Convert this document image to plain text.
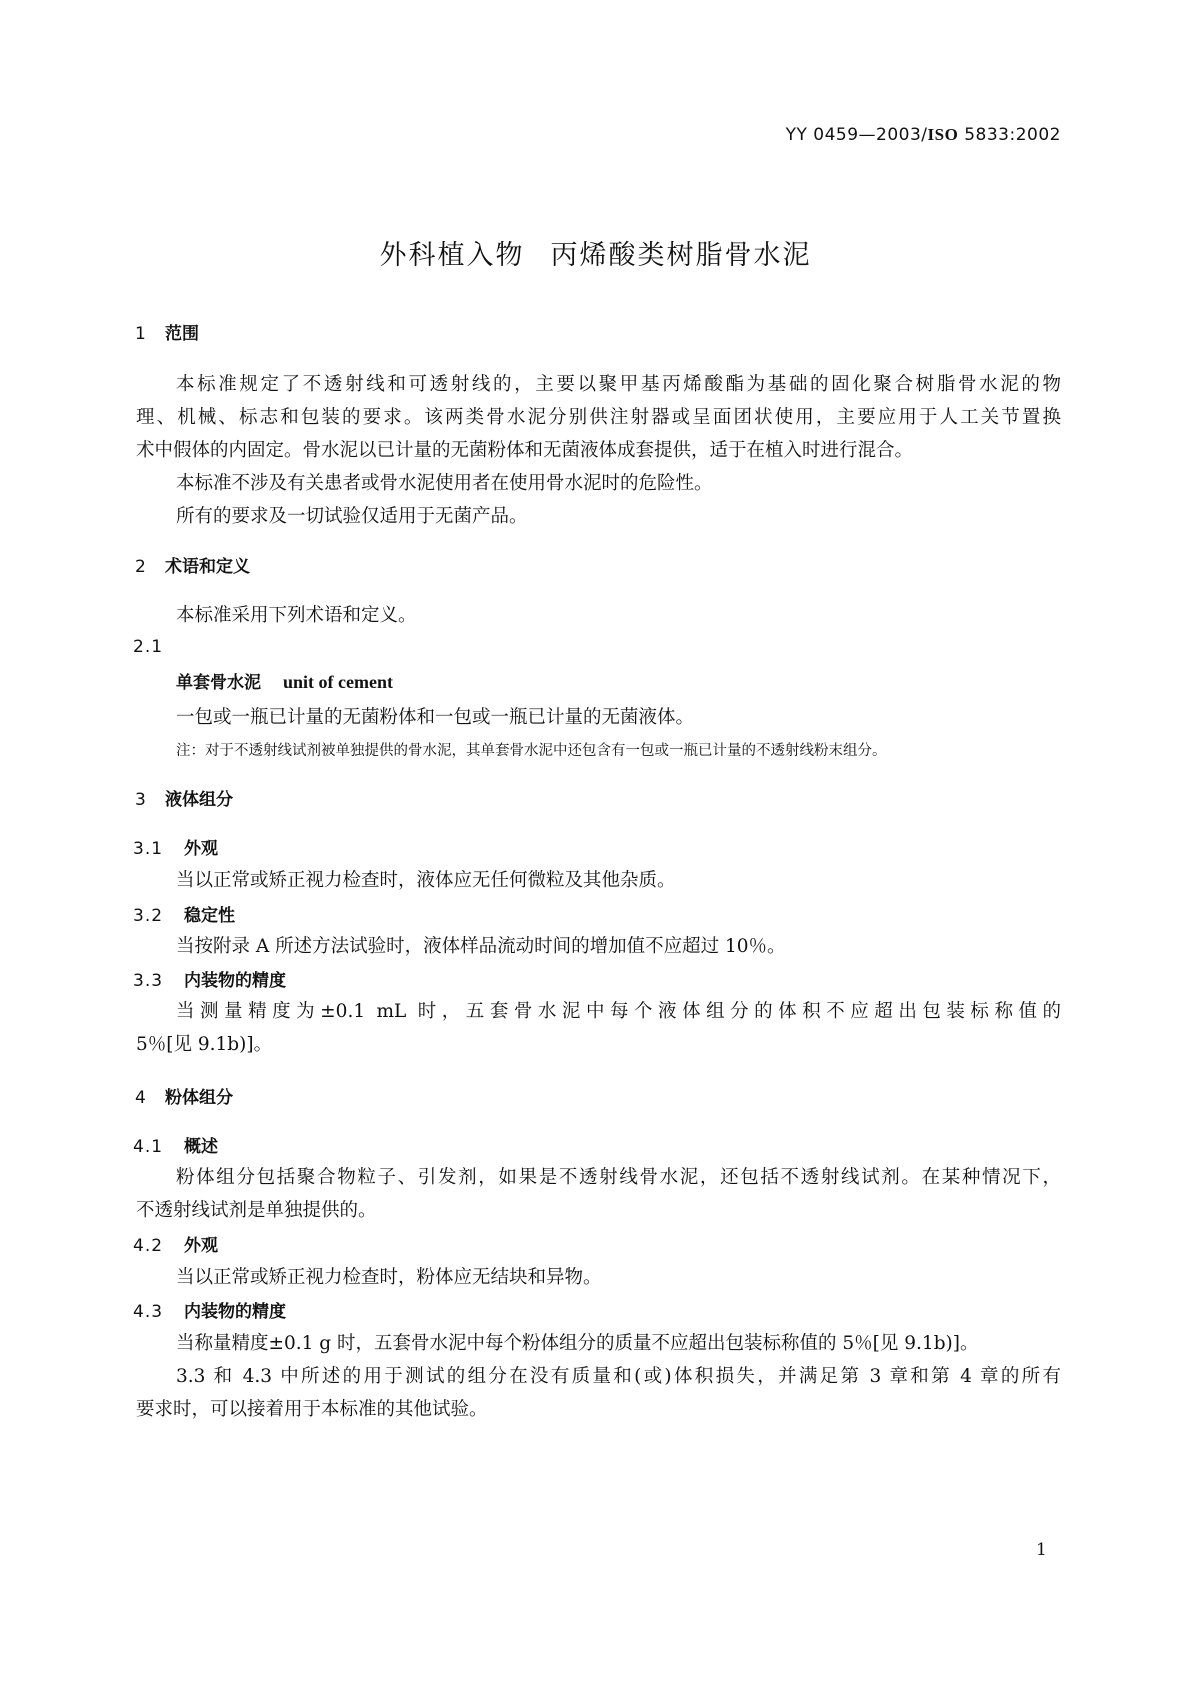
YY 0459—2003/ISO 5833:2002
外科植入物 丙烯酸类树脂骨水泥
1 范围
本标准规定了不透射线和可透射线的，主要以聚甲基丙烯酸酯为基础的固化聚合树脂骨水泥的物
理、机械、标志和包装的要求。该两类骨水泥分别供注射器或呈面团状使用，主要应用于人工关节置换
术中假体的内固定。骨水泥以已计量的无菌粉体和无菌液体成套提供，适于在植入时进行混合。
本标准不涉及有关患者或骨水泥使用者在使用骨水泥时的危险性。
所有的要求及一切试验仅适用于无菌产品。
2 术语和定义
本标准采用下列术语和定义。
2.1
单套骨水泥 unit of cement
一包或一瓶已计量的无菌粉体和一包或一瓶已计量的无菌液体。
注：对于不透射线试剂被单独提供的骨水泥，其单套骨水泥中还包含有一包或一瓶已计量的不透射线粉末组分。
3 液体组分
3.1 外观
当以正常或矫正视力检查时，液体应无任何微粒及其他杂质。
3.2 稳定性
当按附录 A 所述方法试验时，液体样品流动时间的增加值不应超过 10％。
3.3 内装物的精度
当测量精度为±0.1 mL 时，五套骨水泥中每个液体组分的体积不应超出包装标称值的
5％[见 9.1b)]。
4 粉体组分
4.1 概述
粉体组分包括聚合物粒子、引发剂，如果是不透射线骨水泥，还包括不透射线试剂。在某种情况下，
不透射线试剂是单独提供的。
4.2 外观
当以正常或矫正视力检查时，粉体应无结块和异物。
4.3 内装物的精度
当称量精度±0.1 g 时，五套骨水泥中每个粉体组分的质量不应超出包装标称值的 5％[见 9.1b)]。
3.3 和 4.3 中所述的用于测试的组分在没有质量和(或)体积损失，并满足第 3 章和第 4 章的所有
要求时，可以接着用于本标准的其他试验。
1
